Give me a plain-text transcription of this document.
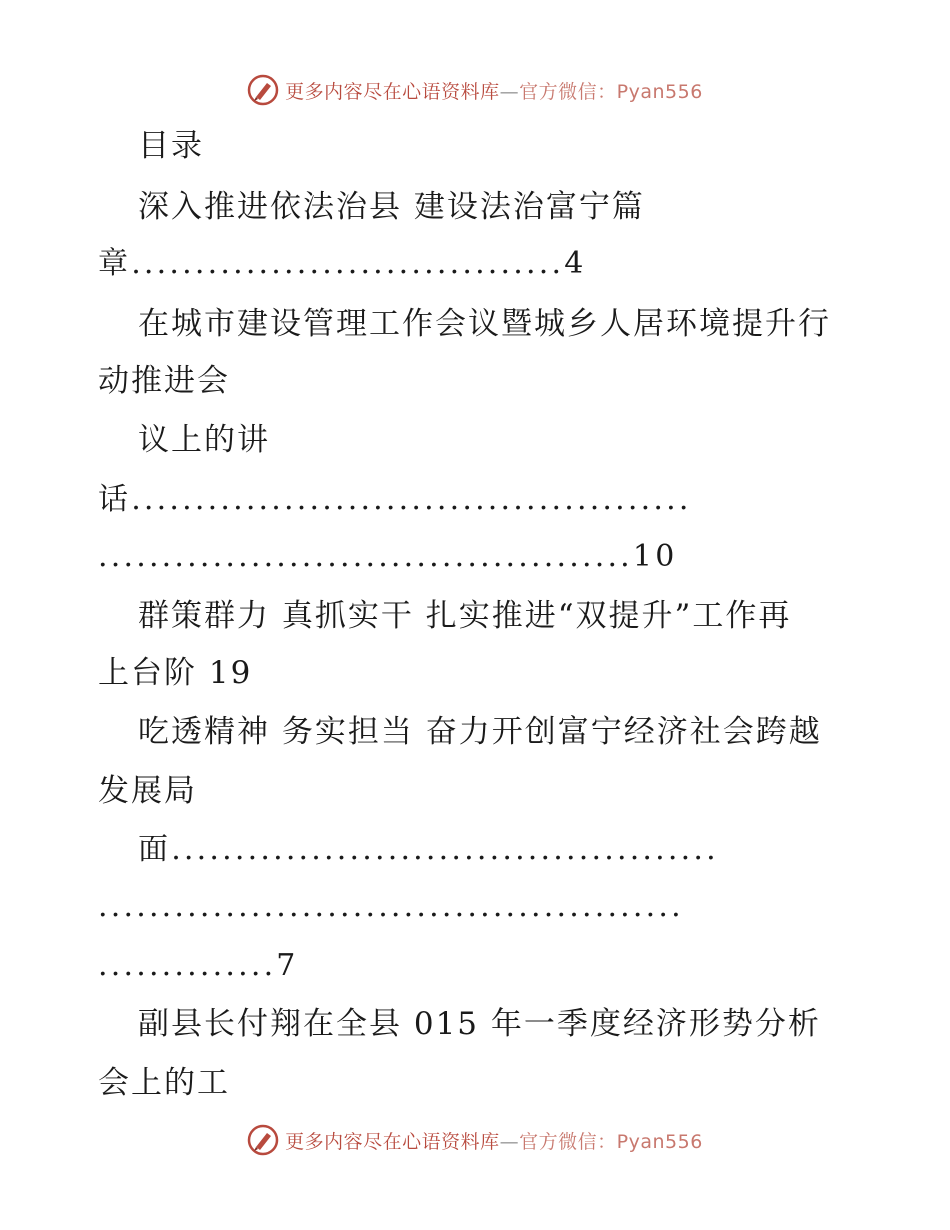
更多内容尽在心语资料库—官方微信：Pyan556
目录
深入推进依法治县 建设法治富宁篇
章..................................4
在城市建设管理工作会议暨城乡人居环境提升行
动推进会
议上的讲
话............................................
..........................................10
群策群力 真抓实干 扎实推进“双提升”工作再
上台阶 19
吃透精神 务实担当 奋力开创富宁经济社会跨越
发展局
面...........................................
..............................................
..............7
副县长付翔在全县 015 年一季度经济形势分析
会上的工
更多内容尽在心语资料库—官方微信：Pyan556
